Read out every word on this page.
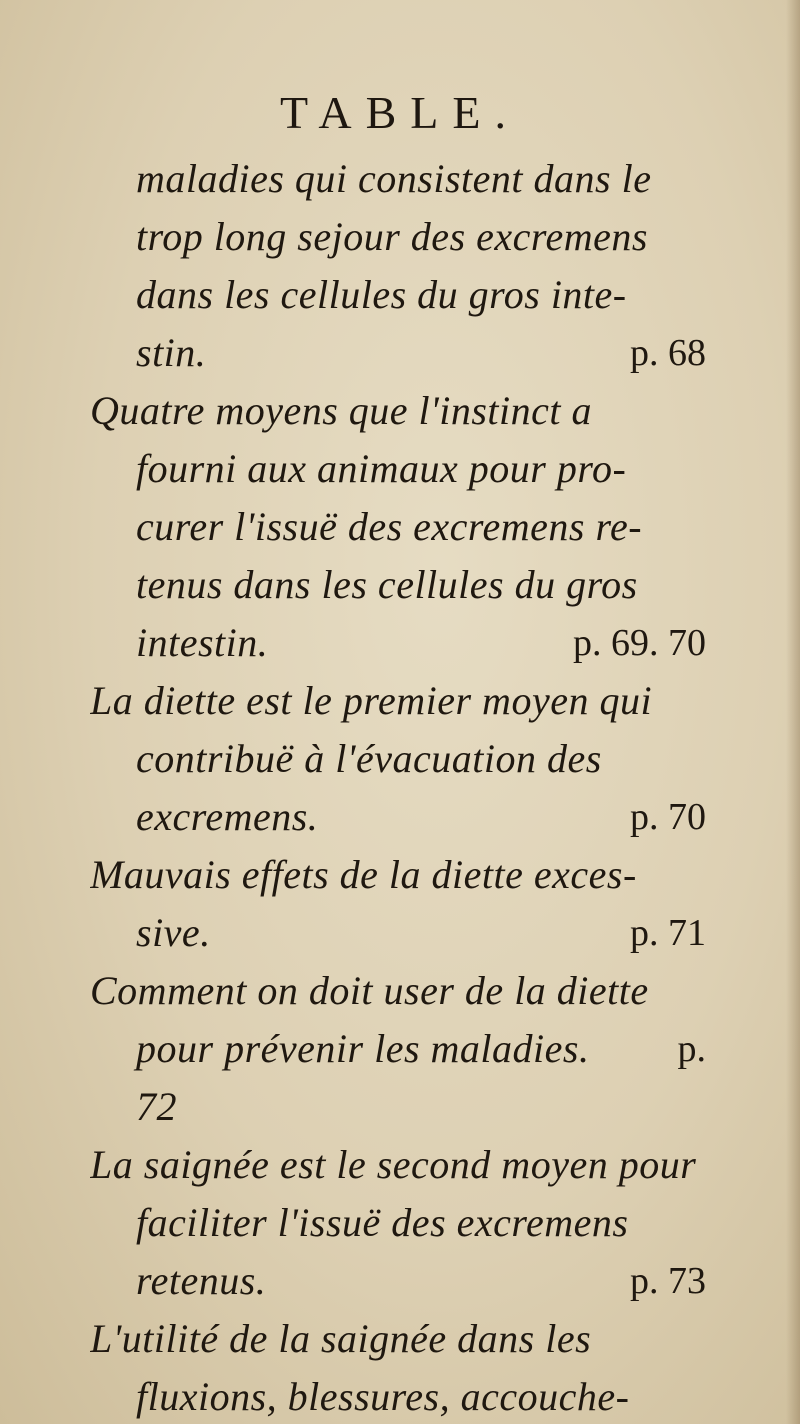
TABLE.
maladies qui consistent dans le
trop long sejour des excremens
dans les cellules du gros inte-
stin.	p. 68
Quatre moyens que l'instinct a
fourni aux animaux pour pro-
curer l'issuë des excremens re-
tenus dans les cellules du gros
intestin.	p. 69. 70
La diette est le premier moyen qui
contribuë à l'évacuation des
excremens.	p. 70
Mauvais effets de la diette exces-
sive.	p. 71
Comment on doit user de la diette
pour prévenir les maladies. p.
72
La saignée est le second moyen pour
faciliter l'issuë des excremens
retenus.	p. 73
L'utilité de la saignée dans les
fluxions, blessures, accouche-
